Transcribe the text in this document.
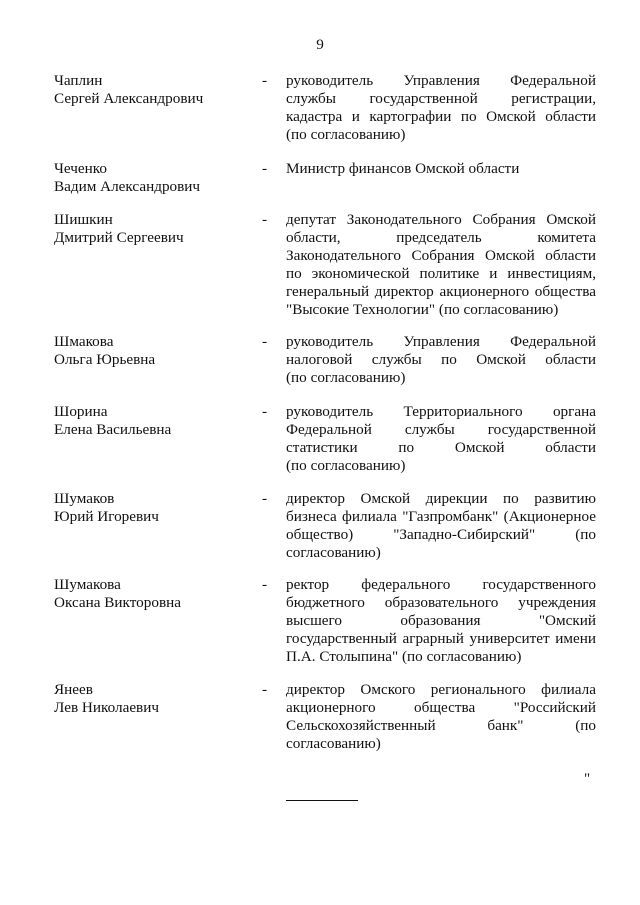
9
Чаплин
Сергей Александрович
- руководитель Управления Федеральной
службы государственной регистрации,
кадастра и картографии по Омской области
(по согласованию)
Чеченко
Вадим Александрович
- Министр финансов Омской области
Шишкин
Дмитрий Сергеевич
- депутат Законодательного Собрания Омской
области, председатель комитета
Законодательного Собрания Омской области
по экономической политике и инвестициям,
генеральный директор акционерного общества
"Высокие Технологии" (по согласованию)
Шмакова
Ольга Юрьевна
- руководитель Управления Федеральной
налоговой службы по Омской области
(по согласованию)
Шорина
Елена Васильевна
- руководитель Территориального органа
Федеральной службы государственной
статистики по Омской области
(по согласованию)
Шумаков
Юрий Игоревич
- директор Омской дирекции по развитию
бизнеса филиала "Газпромбанк" (Акционерное
общество) "Западно-Сибирский" (по
согласованию)
Шумакова
Оксана Викторовна
- ректор федерального государственного
бюджетного образовательного учреждения
высшего образования "Омский
государственный аграрный университет имени
П.А. Столыпина" (по согласованию)
Янеев
Лев Николаевич
- директор Омского регионального филиала
акционерного общества "Российский
Сельскохозяйственный банк" (по
согласованию)
"
